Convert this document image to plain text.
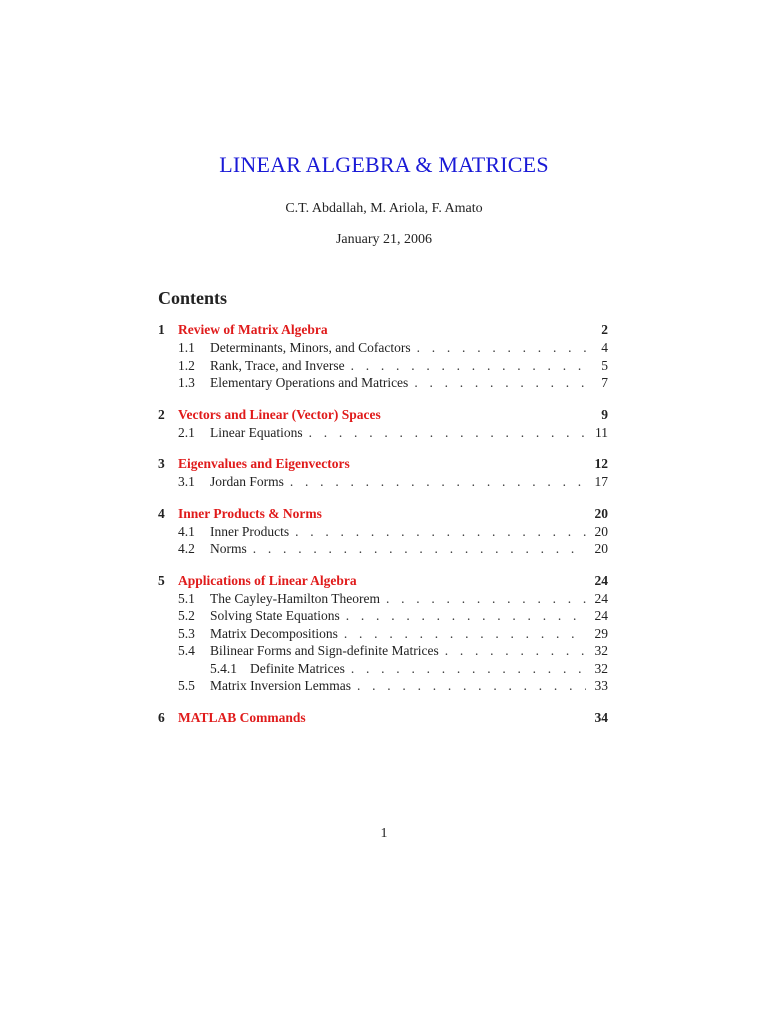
LINEAR ALGEBRA & MATRICES
C.T. Abdallah, M. Ariola, F. Amato
January 21, 2006
Contents
1 Review of Matrix Algebra	2
1.1	Determinants, Minors, and Cofactors . . .	4
1.2	Rank, Trace, and Inverse . . .	5
1.3	Elementary Operations and Matrices . . .	7
2 Vectors and Linear (Vector) Spaces	9
2.1	Linear Equations . . .	11
3 Eigenvalues and Eigenvectors	12
3.1	Jordan Forms . . .	17
4 Inner Products & Norms	20
4.1	Inner Products . . .	20
4.2	Norms . . .	20
5 Applications of Linear Algebra	24
5.1	The Cayley-Hamilton Theorem . . .	24
5.2	Solving State Equations . . .	24
5.3	Matrix Decompositions . . .	29
5.4	Bilinear Forms and Sign-definite Matrices . . .	32
5.4.1 Definite Matrices . . .	32
5.5	Matrix Inversion Lemmas . . .	33
6 MATLAB Commands	34
1
